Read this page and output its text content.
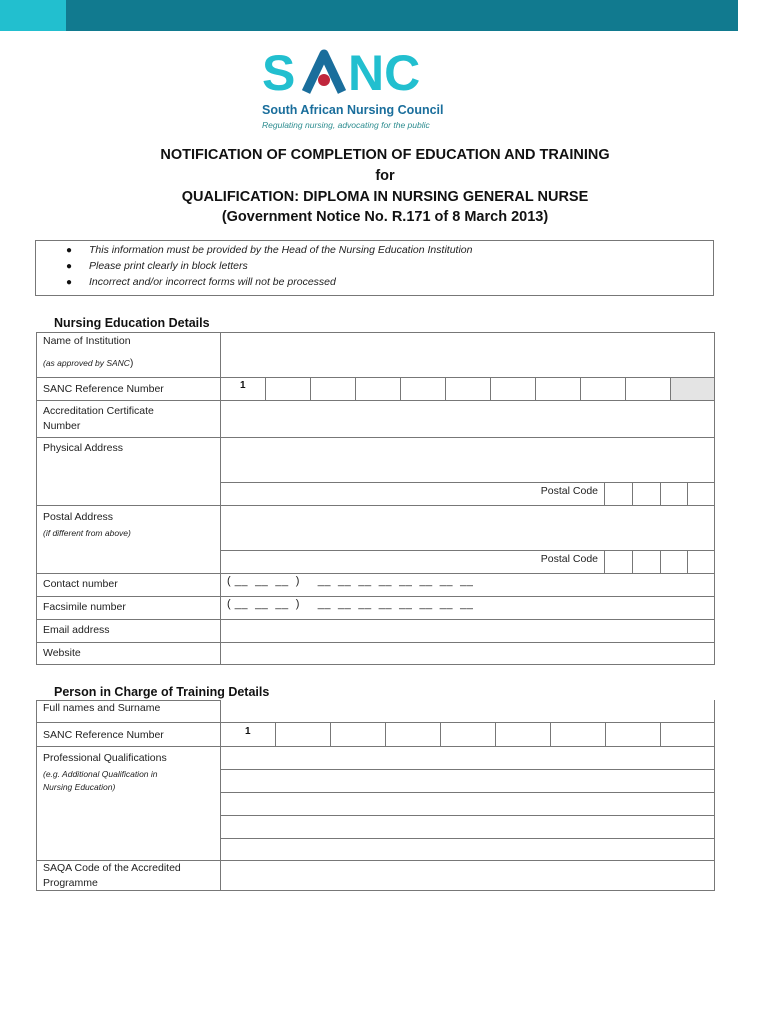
S NC
South African Nursing Council
Regulating nursing, advocating for the public
NOTIFICATION OF COMPLETION OF EDUCATION AND TRAINING
for
QUALIFICATION: DIPLOMA IN NURSING GENERAL NURSE
(Government Notice No. R.171 of 8 March 2013)
● This information must be provided by the Head of the Nursing Education Institution
● Please print clearly in block letters
● Incorrect and/or incorrect forms will not be processed
Nursing Education Details
Name of Institution
(as approved by SANC)
SANC Reference Number	1
Accreditation Certificate
Number
Physical Address
Postal Code
Postal Address
(if different from above)
Postal Code
Contact number	( __  __  __  )     __  __  __  __  __  __  __  __
Facsimile number	( __  __  __  )     __  __  __  __  __  __  __  __
Email address
Website
Person in Charge of Training Details
Full names and Surname
SANC Reference Number	1
Professional Qualifications
(e.g. Additional Qualification in
Nursing Education)
SAQA Code of the Accredited
Programme
